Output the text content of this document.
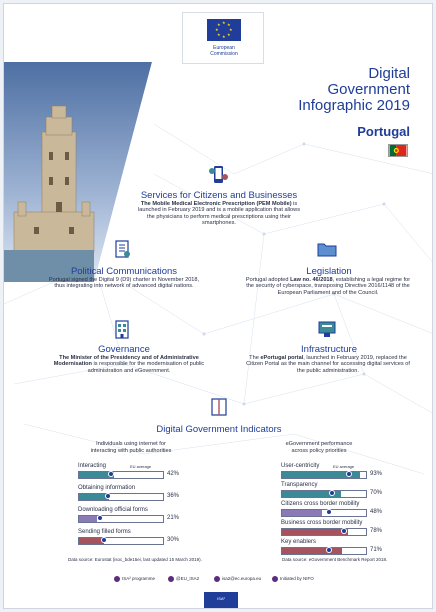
★ ★
★
★
★
★
★
★
European
Commission
Digital
Government
Infographic 2019
Portugal
Services for Citizens and Businesses
The Mobile Medical Electronic Prescription (PEM Mobile) is launched in February 2019 and is a mobile application that allows the physicians to perform medical prescriptions using their smartphones.
Political Communications
Portugal signed the Digital 9 (D9) charter in November 2018, thus integrating into network of advanced digital nations.
Legislation
Portugal adopted Law no. 46/2018, establishing a legal regime for the security of cyberspace, transposing Directive 2016/1148 of the European Parliament and of the Council.
Governance
The Minister of the Presidency and of Administrative Modernisation is responsible for the modernisation of public administration and eGovernment.
Infrastructure
The ePortugal portal, launched in February 2019, replaced the Citizen Portal as the main channel for accessing digital services of the public administration.
Digital Government Indicators
Individuals using internet for
interacting with public authorities
eGovernment performance
across policy priorities
Interacting
42%
EU average
Obtaining information
36%
Downloading official forms
21%
Sending filled forms
30%
User-centricity
93%
EU average
Transparency
70%
Citizens cross border mobility
48%
Business cross border mobility
78%
Key enablers
71%
Data source: Eurostat (isoc_bde15ei, last updated 15 March 2019).	Data source: eGovernment Benchmark Report 2018.
ISA² programme	@EU_ISA2	isa2@ec.europa.eu	Initiated by NIFO
ISA²
